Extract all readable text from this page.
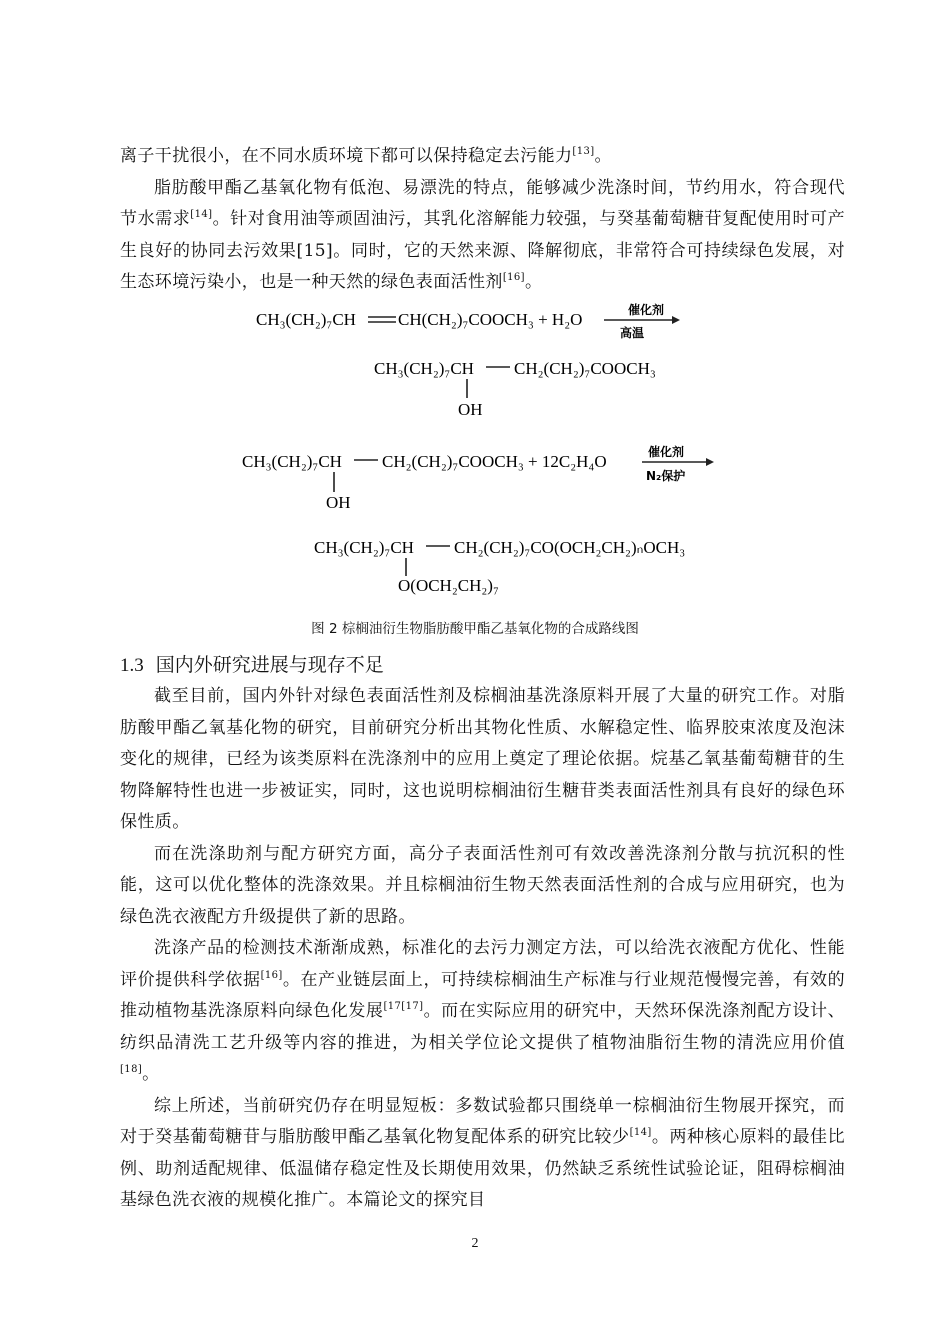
离子干扰很小，在不同水质环境下都可以保持稳定去污能力[13]。

脂肪酸甲酯乙基氧化物有低泡、易漂洗的特点，能够减少洗涤时间，节约用水，符合现代节水需求[14]。针对食用油等顽固油污，其乳化溶解能力较强，与癸基葡萄糖苷复配使用时可产生良好的协同去污效果[15]。同时，它的天然来源、降解彻底，非常符合可持续绿色发展，对生态环境污染小，也是一种天然的绿色表面活性剂[16]。

CH₃(CH₂)₇CH CH(CH₂)₇COOCH₃ + H₂O	催化剂
高温
CH₃(CH₂)₇CH CH₂(CH₂)₇COOCH₃
OH
CH₃(CH₂)₇CH CH₂(CH₂)₇COOCH₃ + 12C₂H₄O
OH
催化剂
N₂保护
CH₃(CH₂)₇CH CH₂(CH₂)₇CO(OCH₂CH₂)ₙOCH₃
O(OCH₂CH₂)₇
图 2 棕榈油衍生物脂肪酸甲酯乙基氧化物的合成路线图
1.3 国内外研究进展与现存不足

截至目前，国内外针对绿色表面活性剂及棕榈油基洗涤原料开展了大量的研究工作。对脂肪酸甲酯乙氧基化物的研究，目前研究分析出其物化性质、水解稳定性、临界胶束浓度及泡沫变化的规律，已经为该类原料在洗涤剂中的应用上奠定了理论依据。烷基乙氧基葡萄糖苷的生物降解特性也进一步被证实，同时，这也说明棕榈油衍生糖苷类表面活性剂具有良好的绿色环保性质。

而在洗涤助剂与配方研究方面，高分子表面活性剂可有效改善洗涤剂分散与抗沉积的性能，这可以优化整体的洗涤效果。并且棕榈油衍生物天然表面活性剂的合成与应用研究，也为绿色洗衣液配方升级提供了新的思路。

洗涤产品的检测技术渐渐成熟，标准化的去污力测定方法，可以给洗衣液配方优化、性能评价提供科学依据[16]。在产业链层面上，可持续棕榈油生产标准与行业规范慢慢完善，有效的推动植物基洗涤原料向绿色化发展[17[17]。而在实际应用的研究中，天然环保洗涤剂配方设计、纺织品清洗工艺升级等内容的推进，为相关学位论文提供了植物油脂衍生物的清洗应用价值[18]。

综上所述，当前研究仍存在明显短板：多数试验都只围绕单一棕榈油衍生物展开探究，而对于癸基葡萄糖苷与脂肪酸甲酯乙基氧化物复配体系的研究比较少[14]。两种核心原料的最佳比例、助剂适配规律、低温储存稳定性及长期使用效果，仍然缺乏系统性试验论证，阻碍棕榈油基绿色洗衣液的规模化推广。本篇论文的探究目

2
